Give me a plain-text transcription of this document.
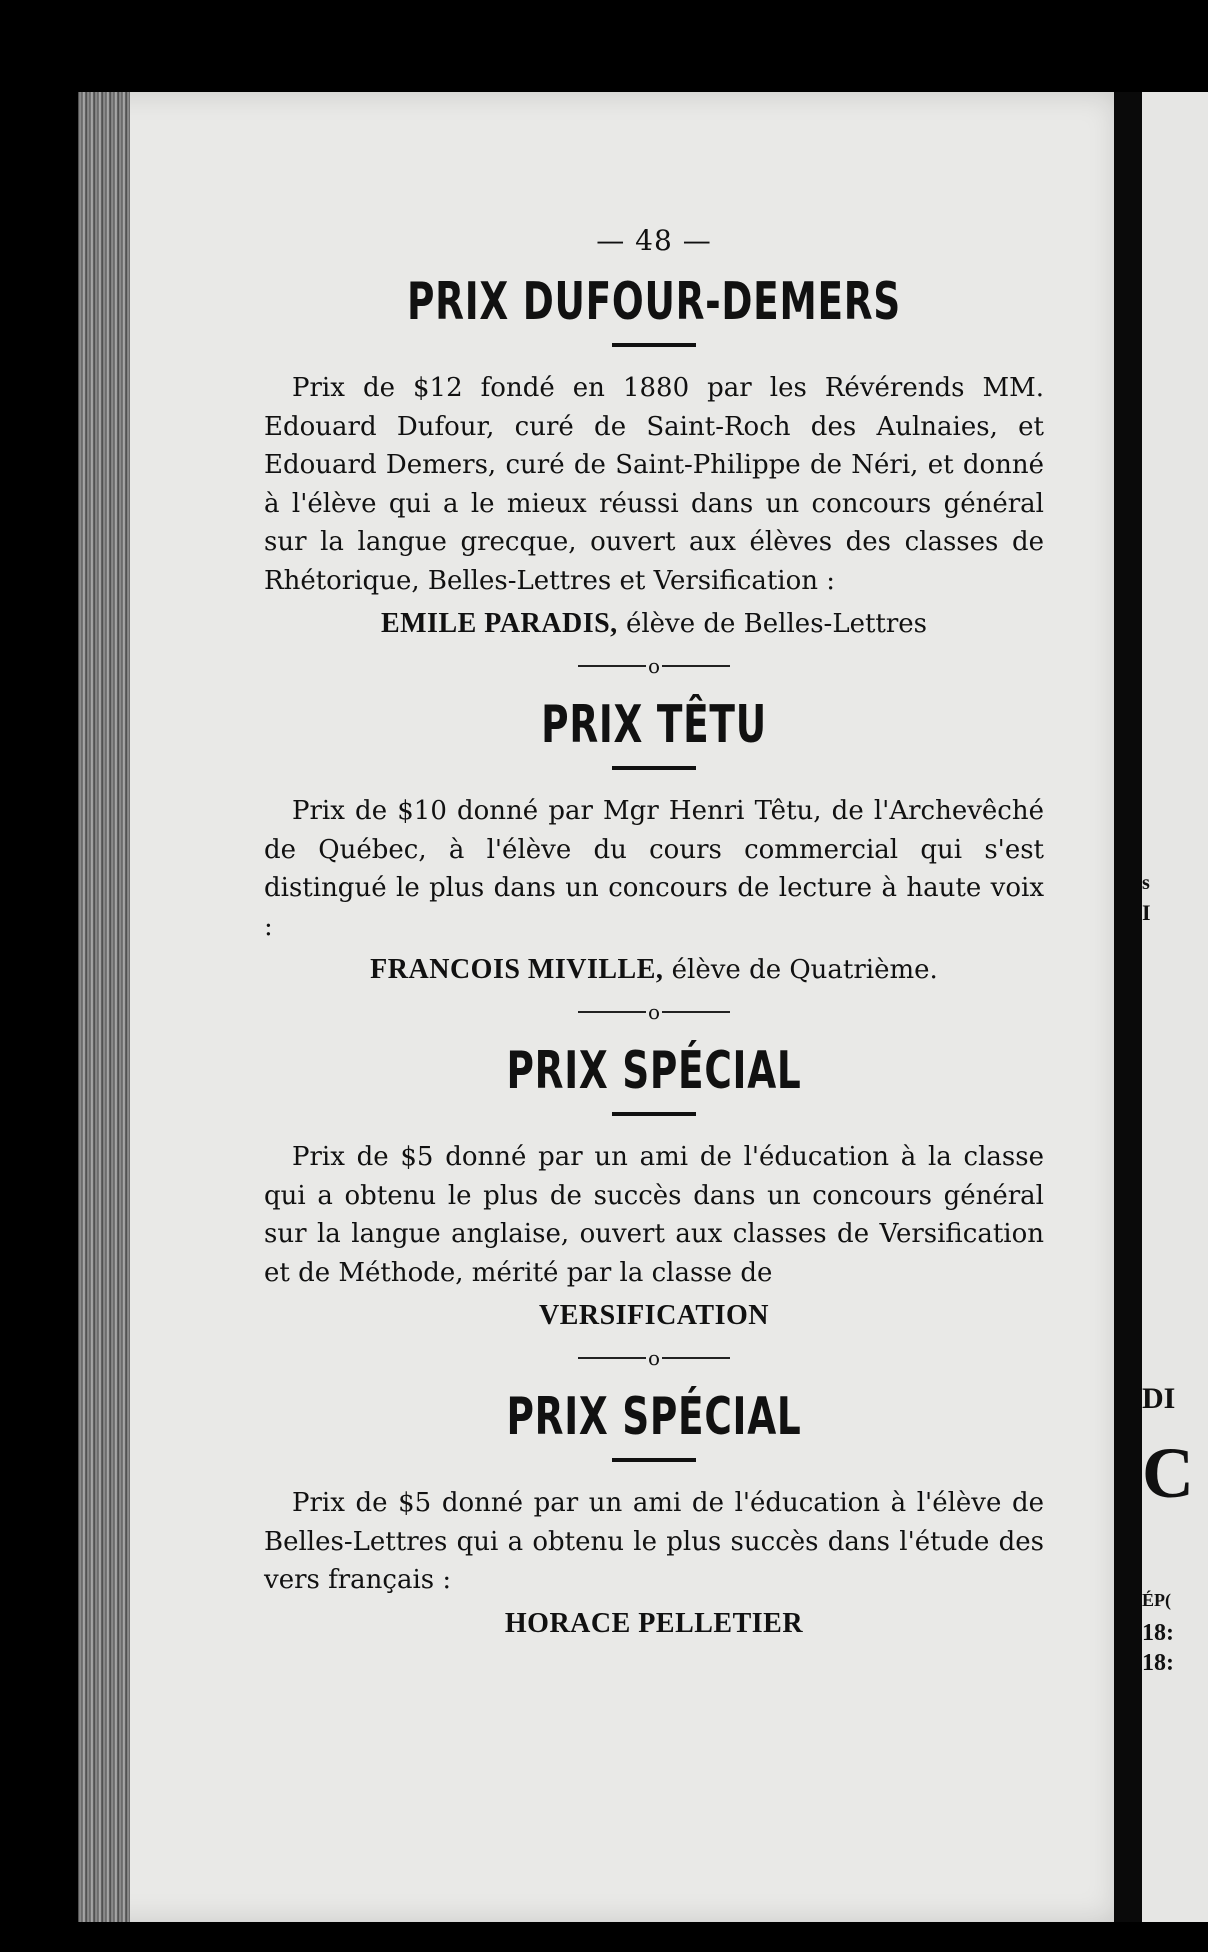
s
I
DI
C
ÉP(
18:
18:
— 48 —
PRIX DUFOUR-DEMERS

Prix de $12 fondé en 1880 par les Révérends MM. Edouard Dufour, curé de Saint-Roch des Aulnaies, et Edouard Demers, curé de Saint-Philippe de Néri, et donné à l'élève qui a le mieux réussi dans un concours général sur la langue grecque, ouvert aux élèves des classes de Rhétorique, Belles-Lettres et Versification :

EMILE PARADIS, élève de Belles-Lettres
o
PRIX TÊTU

Prix de $10 donné par Mgr Henri Têtu, de l'Archevêché de Québec, à l'élève du cours commercial qui s'est distingué le plus dans un concours de lecture à haute voix :

FRANCOIS MIVILLE, élève de Quatrième.
o
PRIX SPÉCIAL

Prix de $5 donné par un ami de l'éducation à la classe qui a obtenu le plus de succès dans un concours général sur la langue anglaise, ouvert aux classes de Versification et de Méthode, mérité par la classe de

VERSIFICATION
o
PRIX SPÉCIAL

Prix de $5 donné par un ami de l'éducation à l'élève de Belles-Lettres qui a obtenu le plus succès dans l'étude des vers français :

HORACE PELLETIER
